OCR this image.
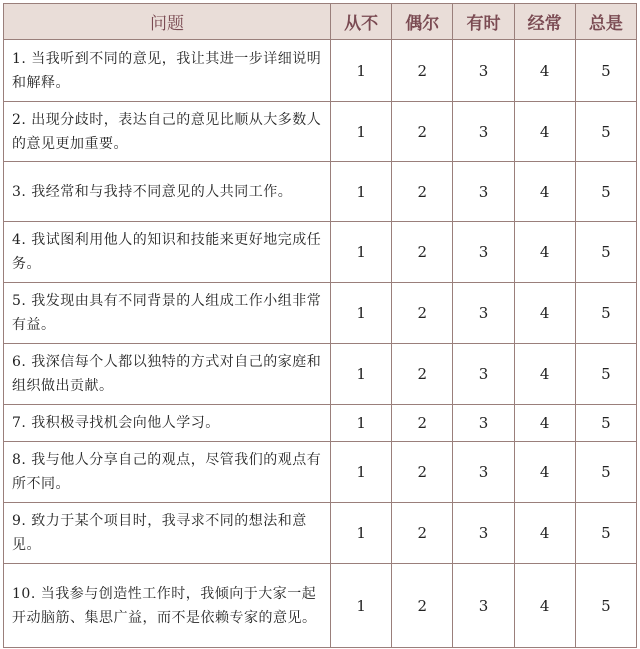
问题	从不	偶尔	有时	经常	总是
1. 当我听到不同的意见，我让其进一步详细说明和解释。	1	2	3	4	5
2. 出现分歧时，表达自己的意见比顺从大多数人的意见更加重要。	1	2	3	4	5
3. 我经常和与我持不同意见的人共同工作。	1	2	3	4	5
4. 我试图利用他人的知识和技能来更好地完成任务。	1	2	3	4	5
5. 我发现由具有不同背景的人组成工作小组非常有益。	1	2	3	4	5
6. 我深信每个人都以独特的方式对自己的家庭和组织做出贡献。	1	2	3	4	5
7. 我积极寻找机会向他人学习。	1	2	3	4	5
8. 我与他人分享自己的观点，尽管我们的观点有所不同。	1	2	3	4	5
9. 致力于某个项目时，我寻求不同的想法和意见。	1	2	3	4	5
10. 当我参与创造性工作时，我倾向于大家一起开动脑筋、集思广益，而不是依赖专家的意见。	1	2	3	4	5
